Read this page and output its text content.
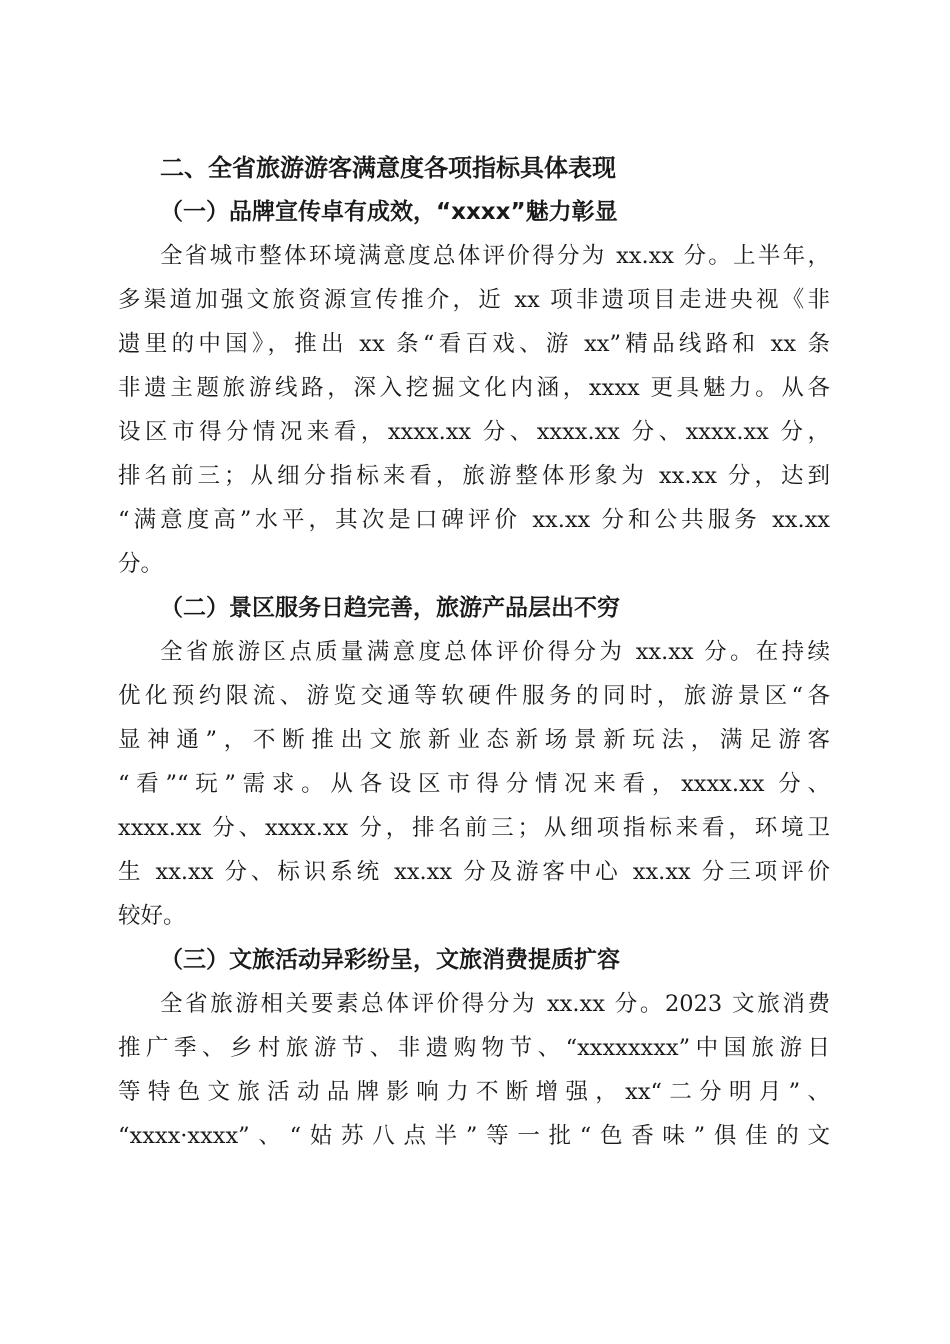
二、全省旅游游客满意度各项指标具体表现

（一）品牌宣传卓有成效，“xxxx”魅力彰显

全省城市整体环境满意度总体评价得分为 xx.xx 分。上半年，

多渠道加强文旅资源宣传推介，近 xx 项非遗项目走进央视《非

遗里的中国》，推出 xx 条“看百戏、游 xx”精品线路和 xx 条

非遗主题旅游线路，深入挖掘文化内涵，xxxx 更具魅力。从各

设区市得分情况来看，xxxx.xx 分、xxxx.xx 分、xxxx.xx 分，

排名前三；从细分指标来看，旅游整体形象为 xx.xx 分，达到

“满意度高”水平，其次是口碑评价 xx.xx 分和公共服务 xx.xx

分。

（二）景区服务日趋完善，旅游产品层出不穷

全省旅游区点质量满意度总体评价得分为 xx.xx 分。在持续

优化预约限流、游览交通等软硬件服务的同时，旅游景区“各

显神通”，不断推出文旅新业态新场景新玩法，满足游客

“看”“玩”需求。从各设区市得分情况来看，xxxx.xx 分、

xxxx.xx 分、xxxx.xx 分，排名前三；从细项指标来看，环境卫

生 xx.xx 分、标识系统 xx.xx 分及游客中心 xx.xx 分三项评价

较好。

（三）文旅活动异彩纷呈，文旅消费提质扩容

全省旅游相关要素总体评价得分为 xx.xx 分。2023 文旅消费

推广季、乡村旅游节、非遗购物节、“xxxxxxxx”中国旅游日

等特色文旅活动品牌影响力不断增强，xx“二分明月”、

“xxxx·xxxx”、“姑苏八点半”等一批“色香味”俱佳的文
